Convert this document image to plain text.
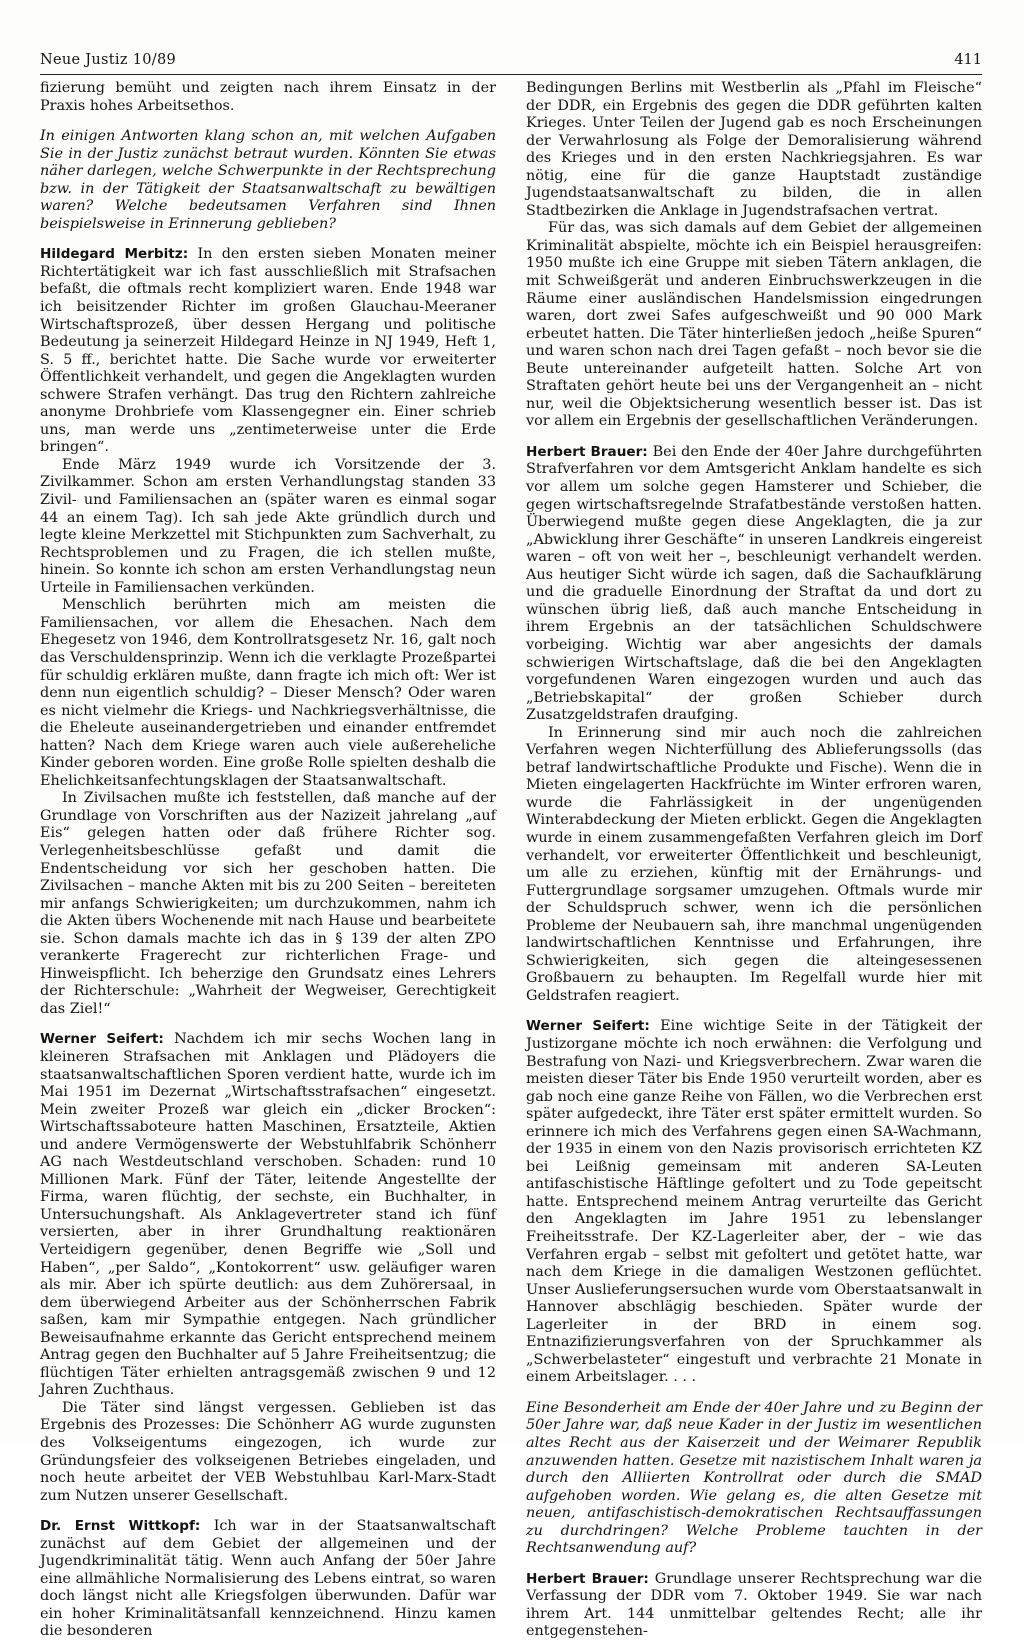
Neue Justiz 10/89	411

fizierung bemüht und zeigten nach ihrem Einsatz in der Praxis hohes Arbeitsethos.

In einigen Antworten klang schon an, mit welchen Aufgaben Sie in der Justiz zunächst betraut wurden. Könnten Sie etwas näher darlegen, welche Schwerpunkte in der Rechtsprechung bzw. in der Tätigkeit der Staatsanwaltschaft zu bewältigen waren? Welche bedeutsamen Verfahren sind Ihnen beispielsweise in Erinnerung geblieben?

Hildegard Merbitz: In den ersten sieben Monaten meiner Richtertätigkeit war ich fast ausschließlich mit Strafsachen befaßt, die oftmals recht kompliziert waren. Ende 1948 war ich beisitzender Richter im großen Glauchau-Meeraner Wirtschaftsprozeß, über dessen Hergang und politische Bedeutung ja seinerzeit Hildegard Heinze in NJ 1949, Heft 1, S. 5 ff., berichtet hatte. Die Sache wurde vor erweiterter Öffentlichkeit verhandelt, und gegen die Angeklagten wurden schwere Strafen verhängt. Das trug den Richtern zahlreiche anonyme Drohbriefe vom Klassengegner ein. Einer schrieb uns, man werde uns „zentimeterweise unter die Erde bringen“.

Ende März 1949 wurde ich Vorsitzende der 3. Zivilkammer. Schon am ersten Verhandlungstag standen 33 Zivil- und Familiensachen an (später waren es einmal sogar 44 an einem Tag). Ich sah jede Akte gründlich durch und legte kleine Merkzettel mit Stichpunkten zum Sachverhalt, zu Rechtsproblemen und zu Fragen, die ich stellen mußte, hinein. So konnte ich schon am ersten Verhandlungstag neun Urteile in Familiensachen verkünden.

Menschlich berührten mich am meisten die Familiensachen, vor allem die Ehesachen. Nach dem Ehegesetz von 1946, dem Kontrollratsgesetz Nr. 16, galt noch das Verschuldensprinzip. Wenn ich die verklagte Prozeßpartei für schuldig erklären mußte, dann fragte ich mich oft: Wer ist denn nun eigentlich schuldig? – Dieser Mensch? Oder waren es nicht vielmehr die Kriegs- und Nachkriegsverhältnisse, die die Eheleute auseinandergetrieben und einander entfremdet hatten? Nach dem Kriege waren auch viele außereheliche Kinder geboren worden. Eine große Rolle spielten deshalb die Ehelichkeitsanfechtungsklagen der Staatsanwaltschaft.

In Zivilsachen mußte ich feststellen, daß manche auf der Grundlage von Vorschriften aus der Nazizeit jahrelang „auf Eis“ gelegen hatten oder daß frühere Richter sog. Verlegenheitsbeschlüsse gefaßt und damit die Endentscheidung vor sich her geschoben hatten. Die Zivilsachen – manche Akten mit bis zu 200 Seiten – bereiteten mir anfangs Schwierigkeiten; um durchzukommen, nahm ich die Akten übers Wochenende mit nach Hause und bearbeitete sie. Schon damals machte ich das in § 139 der alten ZPO verankerte Fragerecht zur richterlichen Frage- und Hinweispflicht. Ich beherzige den Grundsatz eines Lehrers der Richterschule: „Wahrheit der Wegweiser, Gerechtigkeit das Ziel!“

Werner Seifert: Nachdem ich mir sechs Wochen lang in kleineren Strafsachen mit Anklagen und Plädoyers die staatsanwaltschaftlichen Sporen verdient hatte, wurde ich im Mai 1951 im Dezernat „Wirtschaftsstrafsachen“ eingesetzt. Mein zweiter Prozeß war gleich ein „dicker Brocken“: Wirtschaftssaboteure hatten Maschinen, Ersatzteile, Aktien und andere Vermögenswerte der Webstuhlfabrik Schönherr AG nach Westdeutschland verschoben. Schaden: rund 10 Millionen Mark. Fünf der Täter, leitende Angestellte der Firma, waren flüchtig, der sechste, ein Buchhalter, in Untersuchungshaft. Als Anklagevertreter stand ich fünf versierten, aber in ihrer Grundhaltung reaktionären Verteidigern gegenüber, denen Begriffe wie „Soll und Haben“, „per Saldo“, „Kontokorrent“ usw. geläufiger waren als mir. Aber ich spürte deutlich: aus dem Zuhörersaal, in dem überwiegend Arbeiter aus der Schönherrschen Fabrik saßen, kam mir Sympathie entgegen. Nach gründlicher Beweisaufnahme erkannte das Gericht entsprechend meinem Antrag gegen den Buchhalter auf 5 Jahre Freiheitsentzug; die flüchtigen Täter erhielten antragsgemäß zwischen 9 und 12 Jahren Zuchthaus.

Die Täter sind längst vergessen. Geblieben ist das Ergebnis des Prozesses: Die Schönherr AG wurde zugunsten des Volkseigentums eingezogen, ich wurde zur Gründungsfeier des volkseigenen Betriebes eingeladen, und noch heute arbeitet der VEB Webstuhlbau Karl-Marx-Stadt zum Nutzen unserer Gesellschaft.

Dr. Ernst Wittkopf: Ich war in der Staatsanwaltschaft zunächst auf dem Gebiet der allgemeinen und der Jugendkriminalität tätig. Wenn auch Anfang der 50er Jahre eine allmähliche Normalisierung des Lebens eintrat, so waren doch längst nicht alle Kriegsfolgen überwunden. Dafür war ein hoher Kriminalitätsanfall kennzeichnend. Hinzu kamen die besonderen

Bedingungen Berlins mit Westberlin als „Pfahl im Fleische“ der DDR, ein Ergebnis des gegen die DDR geführten kalten Krieges. Unter Teilen der Jugend gab es noch Erscheinungen der Verwahrlosung als Folge der Demoralisierung während des Krieges und in den ersten Nachkriegsjahren. Es war nötig, eine für die ganze Hauptstadt zuständige Jugendstaatsanwaltschaft zu bilden, die in allen Stadtbezirken die Anklage in Jugendstrafsachen vertrat.

Für das, was sich damals auf dem Gebiet der allgemeinen Kriminalität abspielte, möchte ich ein Beispiel herausgreifen: 1950 mußte ich eine Gruppe mit sieben Tätern anklagen, die mit Schweißgerät und anderen Einbruchswerkzeugen in die Räume einer ausländischen Handelsmission eingedrungen waren, dort zwei Safes aufgeschweißt und 90 000 Mark erbeutet hatten. Die Täter hinterließen jedoch „heiße Spuren“ und waren schon nach drei Tagen gefaßt – noch bevor sie die Beute untereinander aufgeteilt hatten. Solche Art von Straftaten gehört heute bei uns der Vergangenheit an – nicht nur, weil die Objektsicherung wesentlich besser ist. Das ist vor allem ein Ergebnis der gesellschaftlichen Veränderungen.

Herbert Brauer: Bei den Ende der 40er Jahre durchgeführten Strafverfahren vor dem Amtsgericht Anklam handelte es sich vor allem um solche gegen Hamsterer und Schieber, die gegen wirtschaftsregelnde Strafatbestände verstoßen hatten. Überwiegend mußte gegen diese Angeklagten, die ja zur „Abwicklung ihrer Geschäfte“ in unseren Landkreis eingereist waren – oft von weit her –, beschleunigt verhandelt werden. Aus heutiger Sicht würde ich sagen, daß die Sachaufklärung und die graduelle Einordnung der Straftat da und dort zu wünschen übrig ließ, daß auch manche Entscheidung in ihrem Ergebnis an der tatsächlichen Schuldschwere vorbeiging. Wichtig war aber angesichts der damals schwierigen Wirtschaftslage, daß die bei den Angeklagten vorgefundenen Waren eingezogen wurden und auch das „Betriebskapital“ der großen Schieber durch Zusatzgeldstrafen draufging.

In Erinnerung sind mir auch noch die zahlreichen Verfahren wegen Nichterfüllung des Ablieferungssolls (das betraf landwirtschaftliche Produkte und Fische). Wenn die in Mieten eingelagerten Hackfrüchte im Winter erfroren waren, wurde die Fahrlässigkeit in der ungenügenden Winterabdeckung der Mieten erblickt. Gegen die Angeklagten wurde in einem zusammengefaßten Verfahren gleich im Dorf verhandelt, vor erweiterter Öffentlichkeit und beschleunigt, um alle zu erziehen, künftig mit der Ernährungs- und Futtergrundlage sorgsamer umzugehen. Oftmals wurde mir der Schuldspruch schwer, wenn ich die persönlichen Probleme der Neubauern sah, ihre manchmal ungenügenden landwirtschaftlichen Kenntnisse und Erfahrungen, ihre Schwierigkeiten, sich gegen die alteingesessenen Großbauern zu behaupten. Im Regelfall wurde hier mit Geldstrafen reagiert.

Werner Seifert: Eine wichtige Seite in der Tätigkeit der Justizorgane möchte ich noch erwähnen: die Verfolgung und Bestrafung von Nazi- und Kriegsverbrechern. Zwar waren die meisten dieser Täter bis Ende 1950 verurteilt worden, aber es gab noch eine ganze Reihe von Fällen, wo die Verbrechen erst später aufgedeckt, ihre Täter erst später ermittelt wurden. So erinnere ich mich des Verfahrens gegen einen SA-Wachmann, der 1935 in einem von den Nazis provisorisch errichteten KZ bei Leißnig gemeinsam mit anderen SA-Leuten antifaschistische Häftlinge gefoltert und zu Tode gepeitscht hatte. Entsprechend meinem Antrag verurteilte das Gericht den Angeklagten im Jahre 1951 zu lebenslanger Freiheitsstrafe. Der KZ-Lagerleiter aber, der – wie das Verfahren ergab – selbst mit gefoltert und getötet hatte, war nach dem Kriege in die damaligen Westzonen geflüchtet. Unser Auslieferungsersuchen wurde vom Oberstaatsanwalt in Hannover abschlägig beschieden. Später wurde der Lagerleiter in der BRD in einem sog. Entnazifizierungsverfahren von der Spruchkammer als „Schwerbelasteter“ eingestuft und verbrachte 21 Monate in einem Arbeitslager. . . .

Eine Besonderheit am Ende der 40er Jahre und zu Beginn der 50er Jahre war, daß neue Kader in der Justiz im wesentlichen altes Recht aus der Kaiserzeit und der Weimarer Republik anzuwenden hatten. Gesetze mit nazistischem Inhalt waren ja durch den Alliierten Kontrollrat oder durch die SMAD aufgehoben worden. Wie gelang es, die alten Gesetze mit neuen, antifaschistisch-demokratischen Rechtsauffassungen zu durchdringen? Welche Probleme tauchten in der Rechtsanwendung auf?

Herbert Brauer: Grundlage unserer Rechtsprechung war die Verfassung der DDR vom 7. Oktober 1949. Sie war nach ihrem Art. 144 unmittelbar geltendes Recht; alle ihr entgegenstehen-
